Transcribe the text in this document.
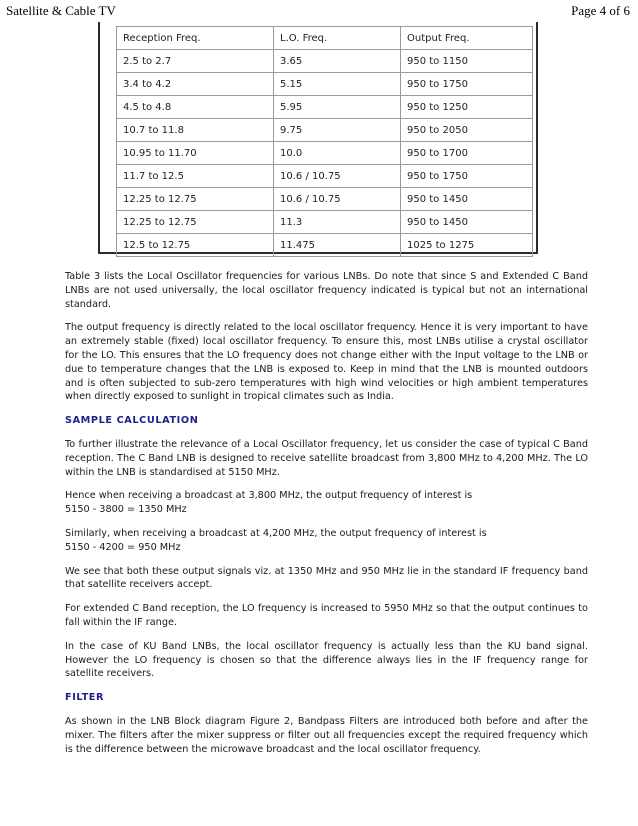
Satellite & Cable TV	Page 4 of 6
Reception Freq.	L.O. Freq.	Output Freq.
2.5 to 2.7	3.65	950 to 1150
3.4 to 4.2	5.15	950 to 1750
4.5 to 4.8	5.95	950 to 1250
10.7 to 11.8	9.75	950 to 2050
10.95 to 11.70	10.0	950 to 1700
11.7 to 12.5	10.6 / 10.75	950 to 1750
12.25 to 12.75	10.6 / 10.75	950 to 1450
12.25 to 12.75	11.3	950 to 1450
12.5 to 12.75	11.475	1025 to 1275

Table 3 lists the Local Oscillator frequencies for various LNBs. Do note that since S and Extended C Band LNBs are not used universally, the local oscillator frequency indicated is typical but not an international standard.

The output frequency is directly related to the local oscillator frequency. Hence it is very important to have an extremely stable (fixed) local oscillator frequency. To ensure this, most LNBs utilise a crystal oscillator for the LO. This ensures that the LO frequency does not change either with the Input voltage to the LNB or due to temperature changes that the LNB is exposed to. Keep in mind that the LNB is mounted outdoors and is often subjected to sub-zero temperatures with high wind velocities or high ambient temperatures when directly exposed to sunlight in tropical climates such as India.

SAMPLE CALCULATION

To further illustrate the relevance of a Local Oscillator frequency, let us consider the case of typical C Band reception. The C Band LNB is designed to receive satellite broadcast from 3,800 MHz to 4,200 MHz. The LO within the LNB is standardised at 5150 MHz.

Hence when receiving a broadcast at 3,800 MHz, the output frequency of interest is
5150 - 3800 = 1350 MHz

Similarly, when receiving a broadcast at 4,200 MHz, the output frequency of interest is
5150 - 4200 = 950 MHz

We see that both these output signals viz. at 1350 MHz and 950 MHz lie in the standard IF frequency band that satellite receivers accept.

For extended C Band reception, the LO frequency is increased to 5950 MHz so that the output continues to fall within the IF range.

In the case of KU Band LNBs, the local oscillator frequency is actually less than the KU band signal. However the LO frequency is chosen so that the difference always lies in the IF frequency range for satellite receivers.

FILTER

As shown in the LNB Block diagram Figure 2, Bandpass Filters are introduced both before and after the mixer. The filters after the mixer suppress or filter out all frequencies except the required frequency which is the difference between the microwave broadcast and the local oscillator frequency.
